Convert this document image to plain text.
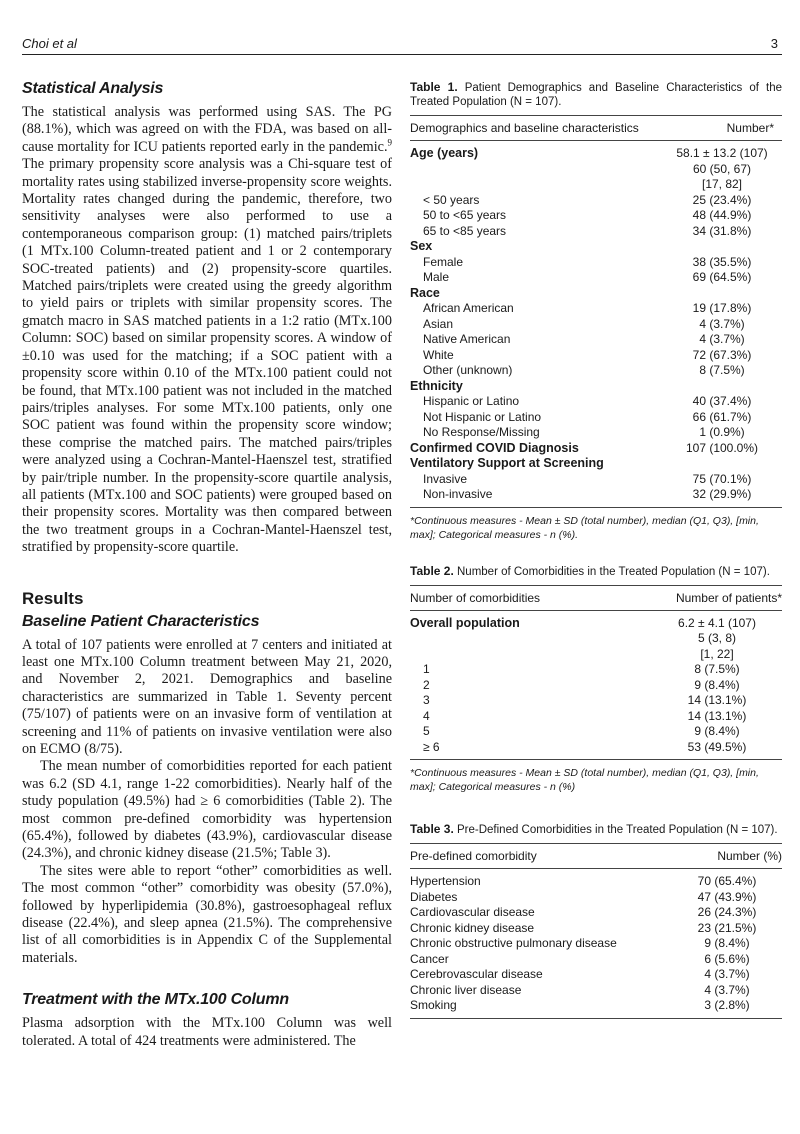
Choi et al	3
Statistical Analysis

The statistical analysis was performed using SAS. The PG (88.1%), which was agreed on with the FDA, was based on all-cause mortality for ICU patients reported early in the pandemic.$^9$ The primary propensity score analysis was a Chi-square test of mortality rates using stabilized inverse-propensity score weights. Mortality rates changed during the pandemic, therefore, two sensitivity analyses were also performed to use a contemporaneous comparison group: (1) matched pairs/triplets (1 MTx.100 Column-treated patient and 1 or 2 contemporary SOC-treated patients) and (2) propensity-score quartiles. Matched pairs/triplets were created using the greedy algorithm to yield pairs or triplets with similar propensity scores. The gmatch macro in SAS matched patients in a 1:2 ratio (MTx.100 Column: SOC) based on similar propensity scores. A window of ±0.10 was used for the matching; if a SOC patient with a propensity score within 0.10 of the MTx.100 patient could not be found, that MTx.100 patient was not included in the matched pairs/triples analyses. For some MTx.100 patients, only one SOC patient was found within the propensity score window; these comprise the matched pairs. The matched pairs/triples were analyzed using a Cochran-Mantel-Haenszel test, stratified by pair/triple number. In the propensity-score quartile analysis, all patients (MTx.100 and SOC patients) were grouped based on their propensity scores. Mortality was then compared between the two treatment groups in a Cochran-Mantel-Haenszel test, stratified by propensity-score quartile.

Results
Baseline Patient Characteristics

A total of 107 patients were enrolled at 7 centers and initiated at least one MTx.100 Column treatment between May 21, 2020, and November 2, 2021. Demographics and baseline characteristics are summarized in Table 1. Seventy percent (75/107) of patients were on an invasive form of ventilation at screening and 11% of patients on invasive ventilation were also on ECMO (8/75).

The mean number of comorbidities reported for each patient was 6.2 (SD 4.1, range 1-22 comorbidities). Nearly half of the study population (49.5%) had ≥ 6 comorbidities (Table 2). The most common pre-defined comorbidity was hypertension (65.4%), followed by diabetes (43.9%), cardiovascular disease (24.3%), and chronic kidney disease (21.5%; Table 3).

The sites were able to report “other” comorbidities as well. The most common “other” comorbidity was obesity (57.0%), followed by hyperlipidemia (30.8%), gastroesophageal reflux disease (22.4%), and sleep apnea (21.5%). The comprehensive list of all comorbidities is in Appendix C of the Supplemental materials.

Treatment with the MTx.100 Column

Plasma adsorption with the MTx.100 Column was well tolerated. A total of 424 treatments were administered. The

Table 1. Patient Demographics and Baseline Characteristics of the Treated Population (N = 107).

Demographics and baseline characteristics	Number*
Age (years)	58.1 ± 13.2 (107)
	60 (50, 67)
	[17, 82]
< 50 years	25 (23.4%)
50 to <65 years	48 (44.9%)
65 to <85 years	34 (31.8%)
Sex	
Female	38 (35.5%)
Male	69 (64.5%)
Race	
African American	19 (17.8%)
Asian	4 (3.7%)
Native American	4 (3.7%)
White	72 (67.3%)
Other (unknown)	8 (7.5%)
Ethnicity	
Hispanic or Latino	40 (37.4%)
Not Hispanic or Latino	66 (61.7%)
No Response/Missing	1 (0.9%)
Confirmed COVID Diagnosis	107 (100.0%)
Ventilatory Support at Screening	
Invasive	75 (70.1%)
Non-invasive	32 (29.9%)

*Continuous measures - Mean ± SD (total number), median (Q1, Q3), [min, max]; Categorical measures - n (%).

Table 2. Number of Comorbidities in the Treated Population (N = 107).

Number of comorbidities	Number of patients*
Overall population	6.2 ± 4.1 (107)
	5 (3, 8)
	[1, 22]
1	8 (7.5%)
2	9 (8.4%)
3	14 (13.1%)
4	14 (13.1%)
5	9 (8.4%)
≥ 6	53 (49.5%)

*Continuous measures - Mean ± SD (total number), median (Q1, Q3), [min, max]; Categorical measures - n (%)

Table 3. Pre-Defined Comorbidities in the Treated Population (N = 107).

Pre-defined comorbidity	Number (%)
Hypertension	70 (65.4%)
Diabetes	47 (43.9%)
Cardiovascular disease	26 (24.3%)
Chronic kidney disease	23 (21.5%)
Chronic obstructive pulmonary disease	9 (8.4%)
Cancer	6 (5.6%)
Cerebrovascular disease	4 (3.7%)
Chronic liver disease	4 (3.7%)
Smoking	3 (2.8%)
